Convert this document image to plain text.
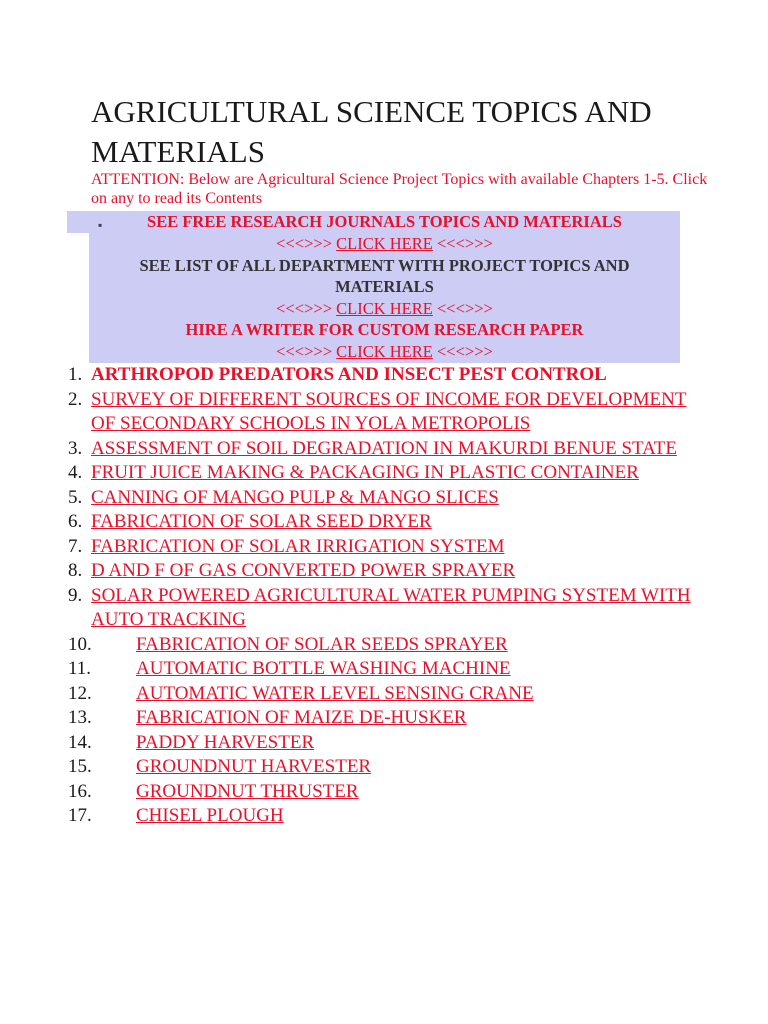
AGRICULTURAL SCIENCE TOPICS AND MATERIALS
ATTENTION: Below are Agricultural Science Project Topics with available Chapters 1-5. Click on any to read its Contents
SEE FREE RESEARCH JOURNALS TOPICS AND MATERIALS
<<<>>> CLICK HERE <<<>>>
SEE LIST OF ALL DEPARTMENT WITH PROJECT TOPICS AND MATERIALS
<<<>>> CLICK HERE <<<>>>
HIRE A WRITER FOR CUSTOM RESEARCH PAPER
<<<>>> CLICK HERE <<<>>>
▪
1. ARTHROPOD PREDATORS AND INSECT PEST CONTROL
2. SURVEY OF DIFFERENT SOURCES OF INCOME FOR DEVELOPMENT OF SECONDARY SCHOOLS IN YOLA METROPOLIS
3. ASSESSMENT OF SOIL DEGRADATION IN MAKURDI BENUE STATE
4. FRUIT JUICE MAKING & PACKAGING IN PLASTIC CONTAINER
5. CANNING OF MANGO PULP & MANGO SLICES
6. FABRICATION OF SOLAR SEED DRYER
7. FABRICATION OF SOLAR IRRIGATION SYSTEM
8. D AND F OF GAS CONVERTED POWER SPRAYER
9. SOLAR POWERED AGRICULTURAL WATER PUMPING SYSTEM WITH AUTO TRACKING
10. FABRICATION OF SOLAR SEEDS SPRAYER
11. AUTOMATIC BOTTLE WASHING MACHINE
12. AUTOMATIC WATER LEVEL SENSING CRANE
13. FABRICATION OF MAIZE DE-HUSKER
14. PADDY HARVESTER
15. GROUNDNUT HARVESTER
16. GROUNDNUT THRUSTER
17. CHISEL PLOUGH
